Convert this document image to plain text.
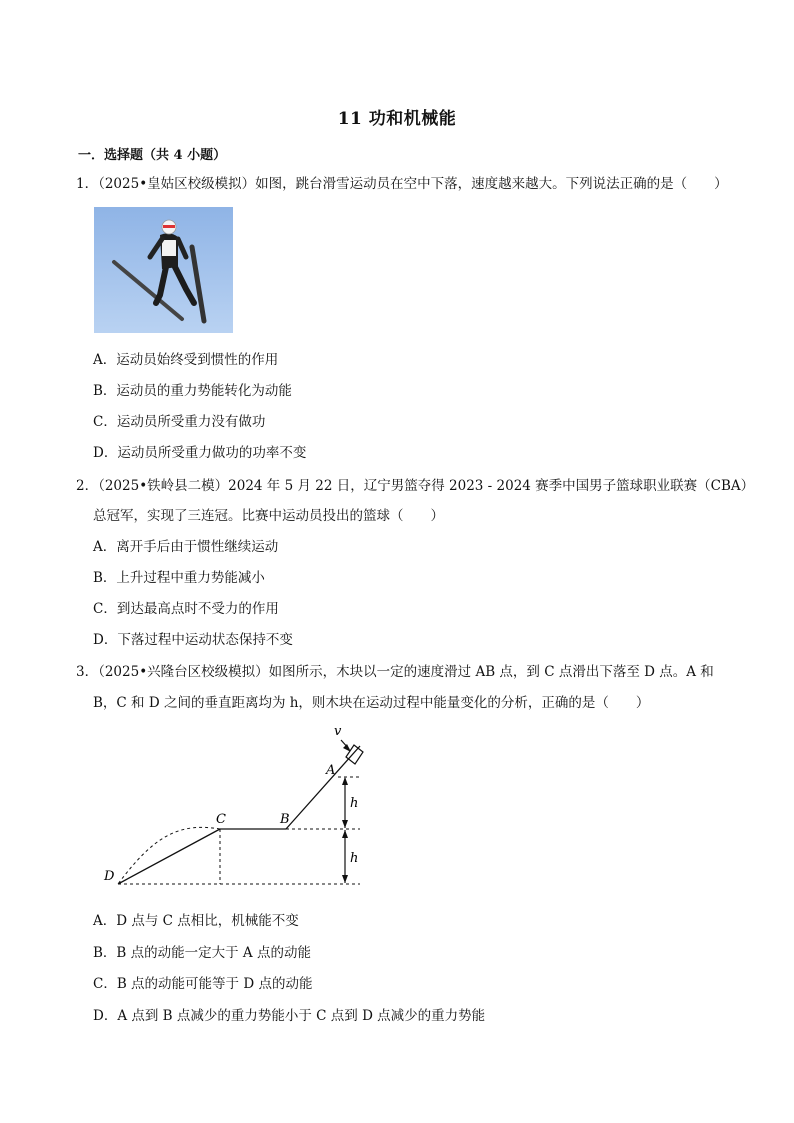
11 功和机械能
一．选择题（共 4 小题）
1．（2025•皇姑区校级模拟）如图，跳台滑雪运动员在空中下落，速度越来越大。下列说法正确的是（　　）
A．运动员始终受到惯性的作用
B．运动员的重力势能转化为动能
C．运动员所受重力没有做功
D．运动员所受重力做功的功率不变
2．（2025•铁岭县二模）2024 年 5 月 22 日，辽宁男篮夺得 2023 - 2024 赛季中国男子篮球职业联赛（CBA）
总冠军，实现了三连冠。比赛中运动员投出的篮球（　　）
A．离开手后由于惯性继续运动
B．上升过程中重力势能减小
C．到达最高点时不受力的作用
D．下落过程中运动状态保持不变
3．（2025•兴隆台区校级模拟）如图所示，木块以一定的速度滑过 AB 点，到 C 点滑出下落至 D 点。A 和
B，C 和 D 之间的垂直距离均为 h，则木块在运动过程中能量变化的分析，正确的是（　　）
v
A
B
C
D
h
h
A．D 点与 C 点相比，机械能不变
B．B 点的动能一定大于 A 点的动能
C．B 点的动能可能等于 D 点的动能
D．A 点到 B 点减少的重力势能小于 C 点到 D 点减少的重力势能
